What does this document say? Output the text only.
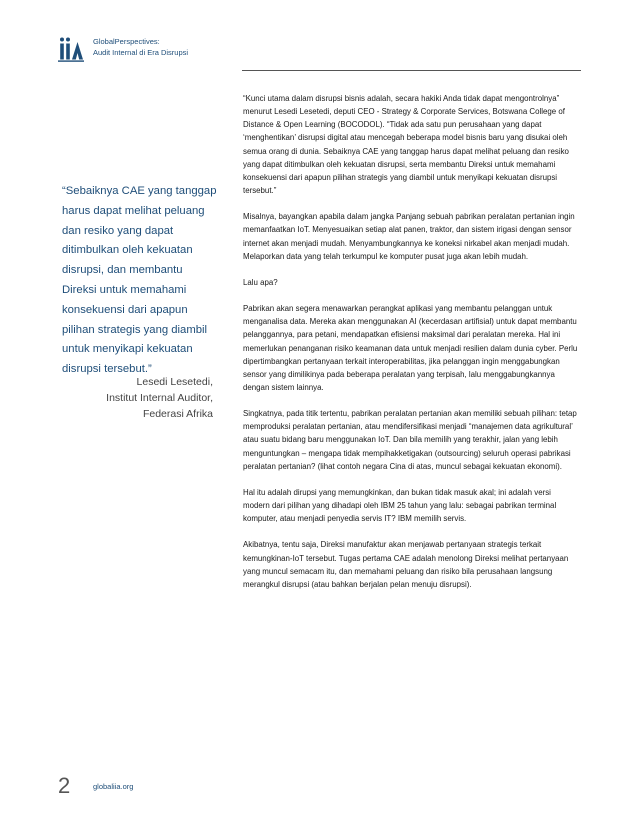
GlobalPerspectives:
Audit Internal di Era Disrupsi

“Sebaiknya CAE yang tanggap harus dapat melihat peluang dan resiko yang dapat ditimbulkan oleh kekuatan disrupsi, dan membantu Direksi untuk memahami konsekuensi dari apapun pilihan strategis yang diambil untuk menyikapi kekuatan disrupsi tersebut.”

Lesedi Lesetedi,
Institut Internal Auditor,
Federasi Afrika

“Kunci utama dalam disrupsi bisnis adalah, secara hakiki Anda tidak dapat mengontrolnya” menurut Lesedi Lesetedi, deputi CEO - Strategy & Corporate Services, Botswana College of Distance & Open Learning (BOCODOL). “Tidak ada satu pun perusahaan yang dapat ‘menghentikan’ disrupsi digital atau mencegah beberapa model bisnis baru yang disukai oleh semua orang di dunia. Sebaiknya CAE yang tanggap harus dapat melihat peluang dan resiko yang dapat ditimbulkan oleh kekuatan disrupsi, serta membantu Direksi untuk memahami konsekuensi dari apapun pilihan strategis yang diambil untuk menyikapi kekuatan disrupsi tersebut.”

Misalnya, bayangkan apabila dalam jangka Panjang sebuah pabrikan peralatan pertanian ingin memanfaatkan IoT. Menyesuaikan setiap alat panen, traktor, dan sistem irigasi dengan sensor internet akan menjadi mudah. Menyambungkannya ke koneksi nirkabel akan menjadi mudah. Melaporkan data yang telah terkumpul ke komputer pusat juga akan lebih mudah.

Lalu apa?

Pabrikan akan segera menawarkan perangkat aplikasi yang membantu pelanggan untuk menganalisa data. Mereka akan menggunakan AI (kecerdasan artifisial) untuk dapat membantu pelanggannya, para petani, mendapatkan efisiensi maksimal dari peralatan mereka. Hal ini memerlukan penanganan risiko keamanan data untuk menjadi resilien dalam dunia cyber. Perlu dipertimbangkan pertanyaan terkait interoperabilitas, jika pelanggan ingin menggabungkan sensor yang dimilikinya pada beberapa peralatan yang terpisah, lalu menggabungkannya dengan sistem lainnya.

Singkatnya, pada titik tertentu, pabrikan peralatan pertanian akan memiliki sebuah pilihan: tetap memproduksi peralatan pertanian, atau mendifersifikasi menjadi “manajemen data agrikultural’ atau suatu bidang baru menggunakan IoT. Dan bila memilih yang terakhir, jalan yang lebih menguntungkan – mengapa tidak mempihakketigakan (outsourcing) seluruh operasi pabrikasi peralatan pertanian? (lihat contoh negara Cina di atas, muncul sebagai kekuatan ekonomi).

Hal itu adalah dirupsi yang memungkinkan, dan bukan tidak masuk akal; ini adalah versi modern dari pilihan yang dihadapi oleh IBM 25 tahun yang lalu: sebagai pabrikan terminal komputer, atau menjadi penyedia servis IT? IBM memilih servis.

Akibatnya, tentu saja, Direksi manufaktur akan menjawab pertanyaan strategis terkait kemungkinan-IoT tersebut. Tugas pertama CAE adalah menolong Direksi melihat pertanyaan yang muncul semacam itu, dan memahami peluang dan risiko bila perusahaan langsung merangkul disrupsi (atau bahkan berjalan pelan menuju disrupsi).

2	globaliia.org
